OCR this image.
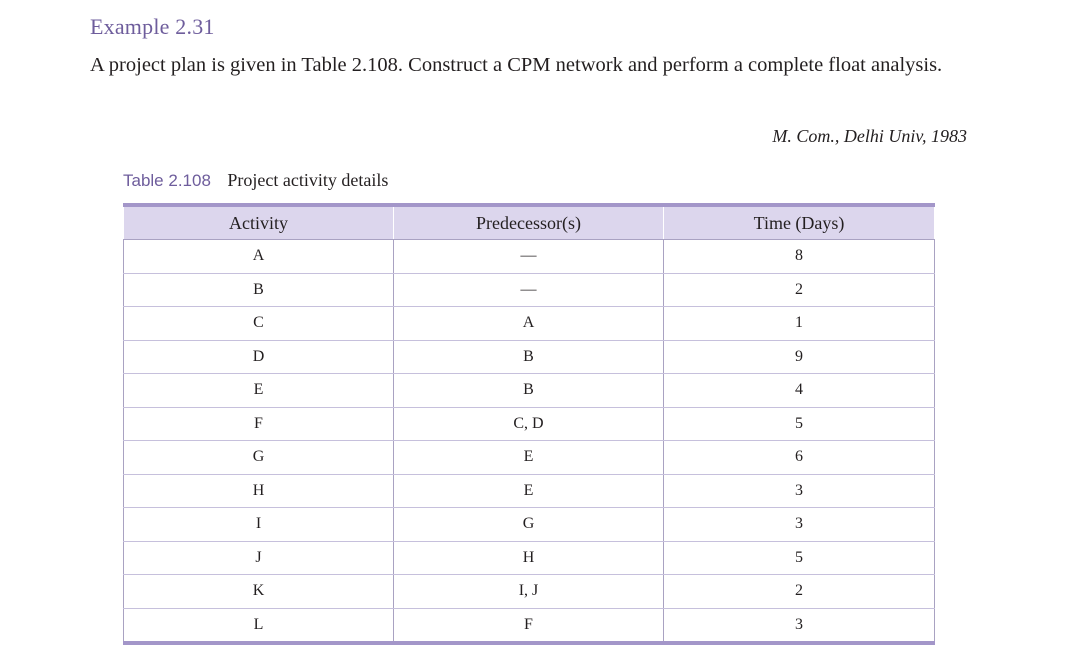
Example 2.31
A project plan is given in Table 2.108. Construct a CPM network and perform a complete float analysis.
M. Com., Delhi Univ, 1983
Table 2.108 Project activity details
Activity	Predecessor(s)	Time (Days)
A	—	8
B	—	2
C	A	1
D	B	9
E	B	4
F	C, D	5
G	E	6
H	E	3
I	G	3
J	H	5
K	I, J	2
L	F	3
